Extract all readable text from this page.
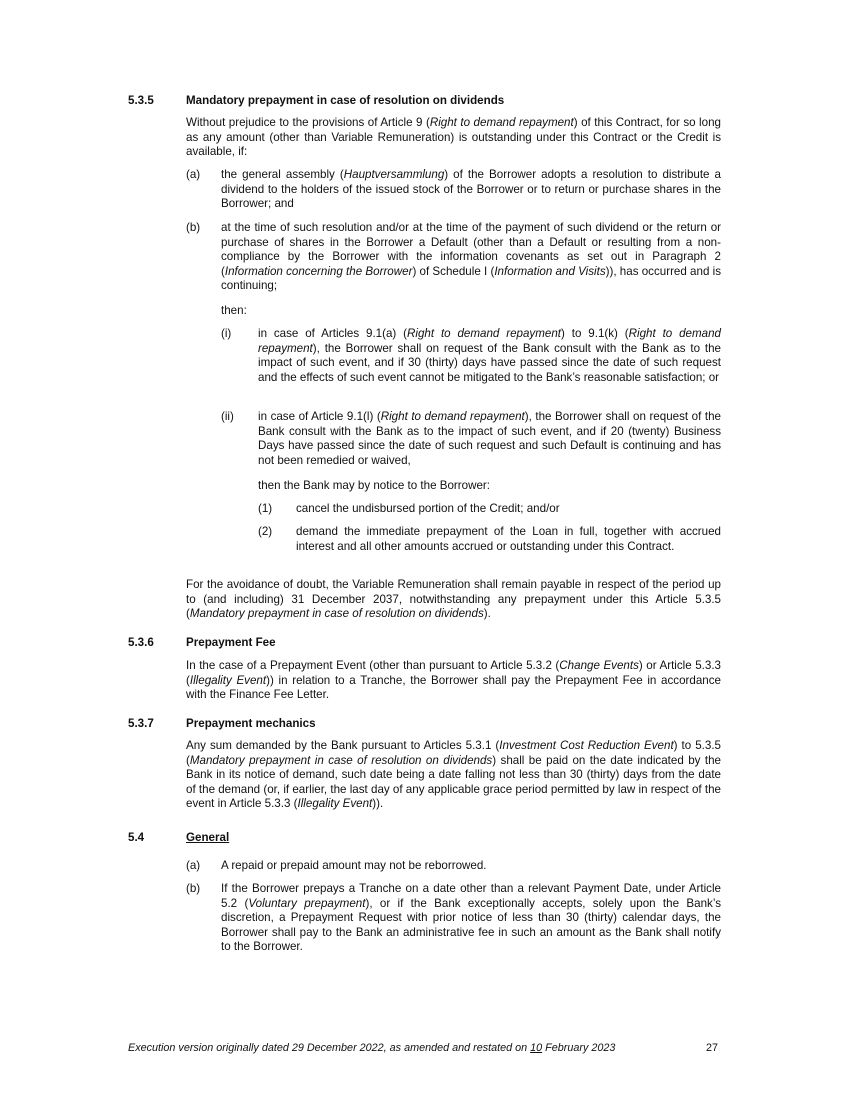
5.3.5	Mandatory prepayment in case of resolution on dividends
Without prejudice to the provisions of Article 9 (Right to demand repayment) of this Contract, for so long as any amount (other than Variable Remuneration) is outstanding under this Contract or the Credit is available, if:
(a) the general assembly (Hauptversammlung) of the Borrower adopts a resolution to distribute a dividend to the holders of the issued stock of the Borrower or to return or purchase shares in the Borrower; and
(b) at the time of such resolution and/or at the time of the payment of such dividend or the return or purchase of shares in the Borrower a Default (other than a Default or resulting from a non-compliance by the Borrower with the information covenants as set out in Paragraph 2 (Information concerning the Borrower) of Schedule I (Information and Visits)), has occurred and is continuing;
then:
(i) in case of Articles 9.1(a) (Right to demand repayment) to 9.1(k) (Right to demand repayment), the Borrower shall on request of the Bank consult with the Bank as to the impact of such event, and if 30 (thirty) days have passed since the date of such request and the effects of such event cannot be mitigated to the Bank’s reasonable satisfaction; or
(ii) in case of Article 9.1(l) (Right to demand repayment), the Borrower shall on request of the Bank consult with the Bank as to the impact of such event, and if 20 (twenty) Business Days have passed since the date of such request and such Default is continuing and has not been remedied or waived,
then the Bank may by notice to the Borrower:
(1) cancel the undisbursed portion of the Credit; and/or
(2) demand the immediate prepayment of the Loan in full, together with accrued interest and all other amounts accrued or outstanding under this Contract.
For the avoidance of doubt, the Variable Remuneration shall remain payable in respect of the period up to (and including) 31 December 2037, notwithstanding any prepayment under this Article 5.3.5 (Mandatory prepayment in case of resolution on dividends).
5.3.6	Prepayment Fee
In the case of a Prepayment Event (other than pursuant to Article 5.3.2 (Change Events) or Article 5.3.3 (Illegality Event)) in relation to a Tranche, the Borrower shall pay the Prepayment Fee in accordance with the Finance Fee Letter.
5.3.7	Prepayment mechanics
Any sum demanded by the Bank pursuant to Articles 5.3.1 (Investment Cost Reduction Event) to 5.3.5 (Mandatory prepayment in case of resolution on dividends) shall be paid on the date indicated by the Bank in its notice of demand, such date being a date falling not less than 30 (thirty) days from the date of the demand (or, if earlier, the last day of any applicable grace period permitted by law in respect of the event in Article 5.3.3 (Illegality Event)).
5.4	General
(a) A repaid or prepaid amount may not be reborrowed.
(b) If the Borrower prepays a Tranche on a date other than a relevant Payment Date, under Article 5.2 (Voluntary prepayment), or if the Bank exceptionally accepts, solely upon the Bank’s discretion, a Prepayment Request with prior notice of less than 30 (thirty) calendar days, the Borrower shall pay to the Bank an administrative fee in such an amount as the Bank shall notify to the Borrower.
Execution version originally dated 29 December 2022, as amended and restated on 10 February 2023	27
